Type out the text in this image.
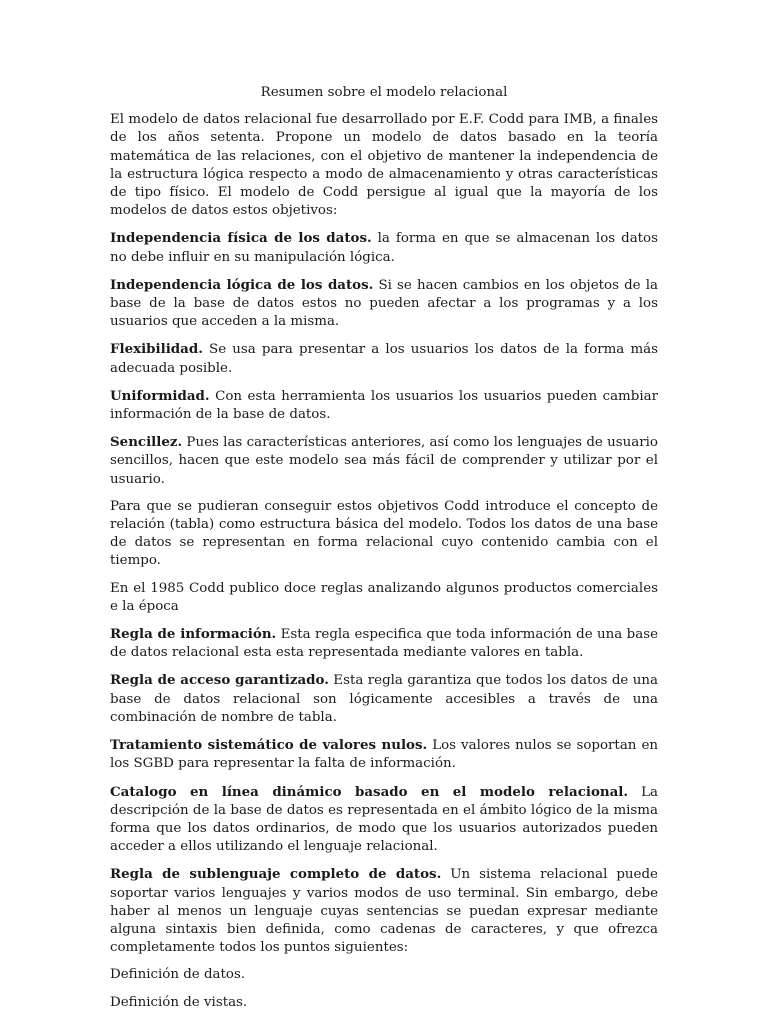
Resumen sobre el modelo relacional

El modelo de datos relacional fue desarrollado por E.F. Codd para IMB, a finales de los años setenta. Propone un modelo de datos basado en la teoría matemática de las relaciones, con el objetivo de mantener la independencia de la estructura lógica respecto a modo de almacenamiento y otras características de tipo físico. El modelo de Codd persigue al igual que la mayoría de los modelos de datos estos objetivos:

Independencia física de los datos. la forma en que se almacenan los datos no debe influir en su manipulación lógica.

Independencia lógica de los datos. Si se hacen cambios en los objetos de la base de la base de datos estos no pueden afectar a los programas y a los usuarios que acceden a la misma.

Flexibilidad. Se usa para presentar a los usuarios los datos de la forma más adecuada posible.

Uniformidad. Con esta herramienta los usuarios los usuarios pueden cambiar información de la base de datos.

Sencillez. Pues las características anteriores, así como los lenguajes de usuario sencillos, hacen que este modelo sea más fácil de comprender y utilizar por el usuario.

Para que se pudieran conseguir estos objetivos Codd introduce el concepto de relación (tabla) como estructura básica del modelo. Todos los datos de una base de datos se representan en forma relacional cuyo contenido cambia con el tiempo.

En el 1985 Codd publico doce reglas analizando algunos productos comerciales e la época

Regla de información. Esta regla especifica que toda información de una base de datos relacional esta esta representada mediante valores en tabla.

Regla de acceso garantizado. Esta regla garantiza que todos los datos de una base de datos relacional son lógicamente accesibles a través de una combinación de nombre de tabla.

Tratamiento sistemático de valores nulos. Los valores nulos se soportan en los SGBD para representar la falta de información.

Catalogo en línea dinámico basado en el modelo relacional. La descripción de la base de datos es representada en el ámbito lógico de la misma forma que los datos ordinarios, de modo que los usuarios autorizados pueden acceder a ellos utilizando el lenguaje relacional.

Regla de sublenguaje completo de datos. Un sistema relacional puede soportar varios lenguajes y varios modos de uso terminal. Sin embargo, debe haber al menos un lenguaje cuyas sentencias se puedan expresar mediante alguna sintaxis bien definida, como cadenas de caracteres, y que ofrezca completamente todos los puntos siguientes:

Definición de datos.

Definición de vistas.
